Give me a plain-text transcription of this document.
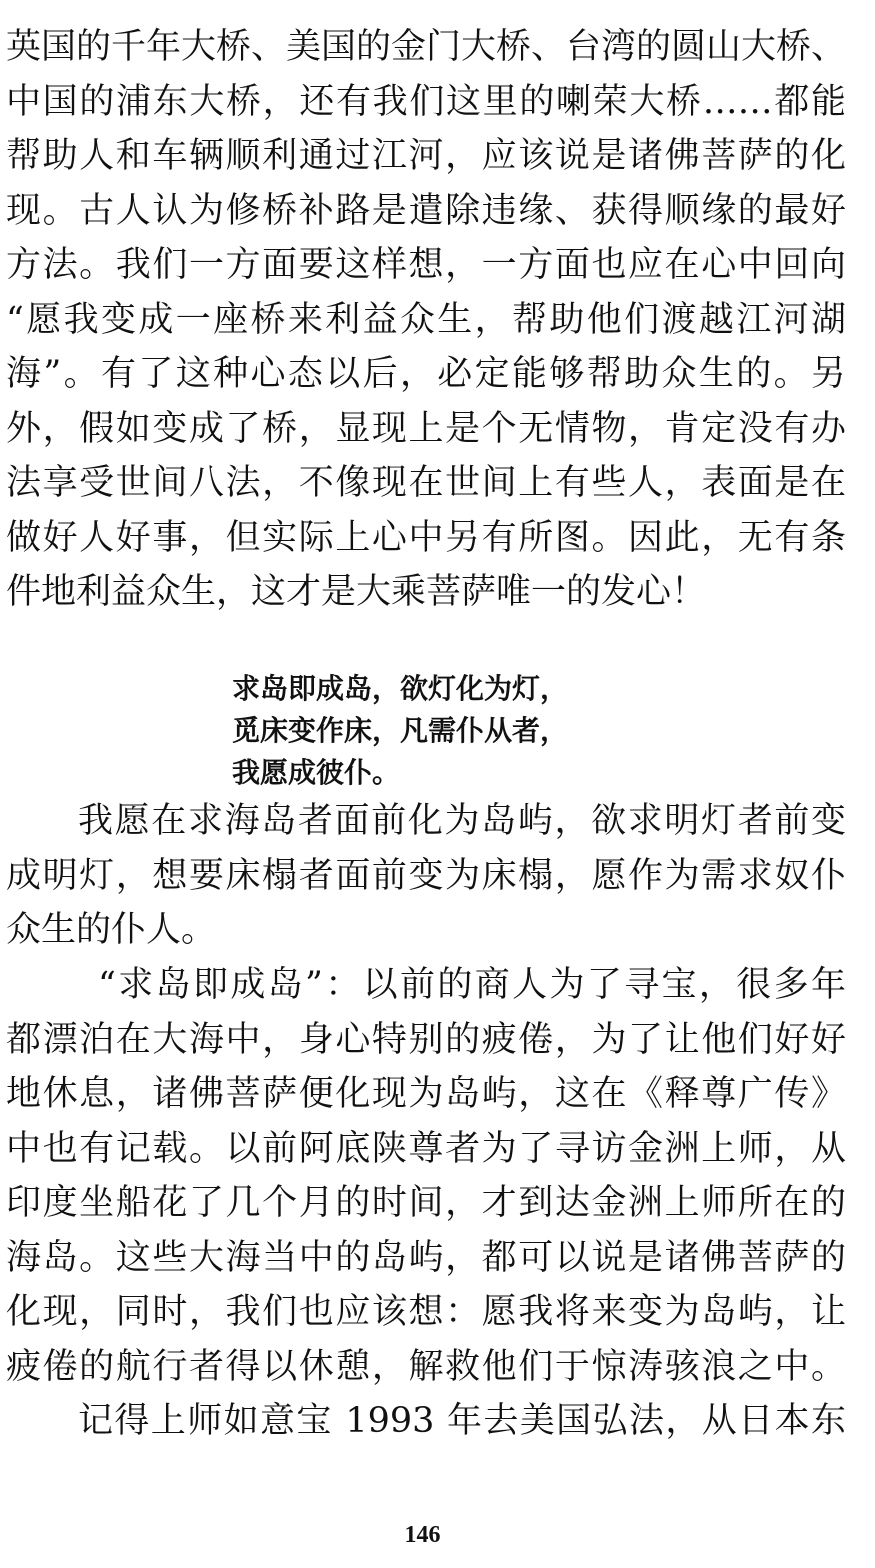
英国的千年大桥、美国的金门大桥、台湾的圆山大桥、
中国的浦东大桥，还有我们这里的喇荣大桥……都能
帮助人和车辆顺利通过江河，应该说是诸佛菩萨的化
现。古人认为修桥补路是遣除违缘、获得顺缘的最好
方法。我们一方面要这样想，一方面也应在心中回向
“愿我变成一座桥来利益众生，帮助他们渡越江河湖
海”。有了这种心态以后，必定能够帮助众生的。另
外，假如变成了桥，显现上是个无情物，肯定没有办
法享受世间八法，不像现在世间上有些人，表面是在
做好人好事，但实际上心中另有所图。因此，无有条
件地利益众生，这才是大乘菩萨唯一的发心！
求岛即成岛，欲灯化为灯，
觅床变作床，凡需仆从者，
我愿成彼仆。
我愿在求海岛者面前化为岛屿，欲求明灯者前变
成明灯，想要床榻者面前变为床榻，愿作为需求奴仆
众生的仆人。
“求岛即成岛”：以前的商人为了寻宝，很多年
都漂泊在大海中，身心特别的疲倦，为了让他们好好
地休息，诸佛菩萨便化现为岛屿，这在《释尊广传》
中也有记载。以前阿底陕尊者为了寻访金洲上师，从
印度坐船花了几个月的时间，才到达金洲上师所在的
海岛。这些大海当中的岛屿，都可以说是诸佛菩萨的
化现，同时，我们也应该想：愿我将来变为岛屿，让
疲倦的航行者得以休憩，解救他们于惊涛骇浪之中。
记得上师如意宝 1993 年去美国弘法，从日本东
146
